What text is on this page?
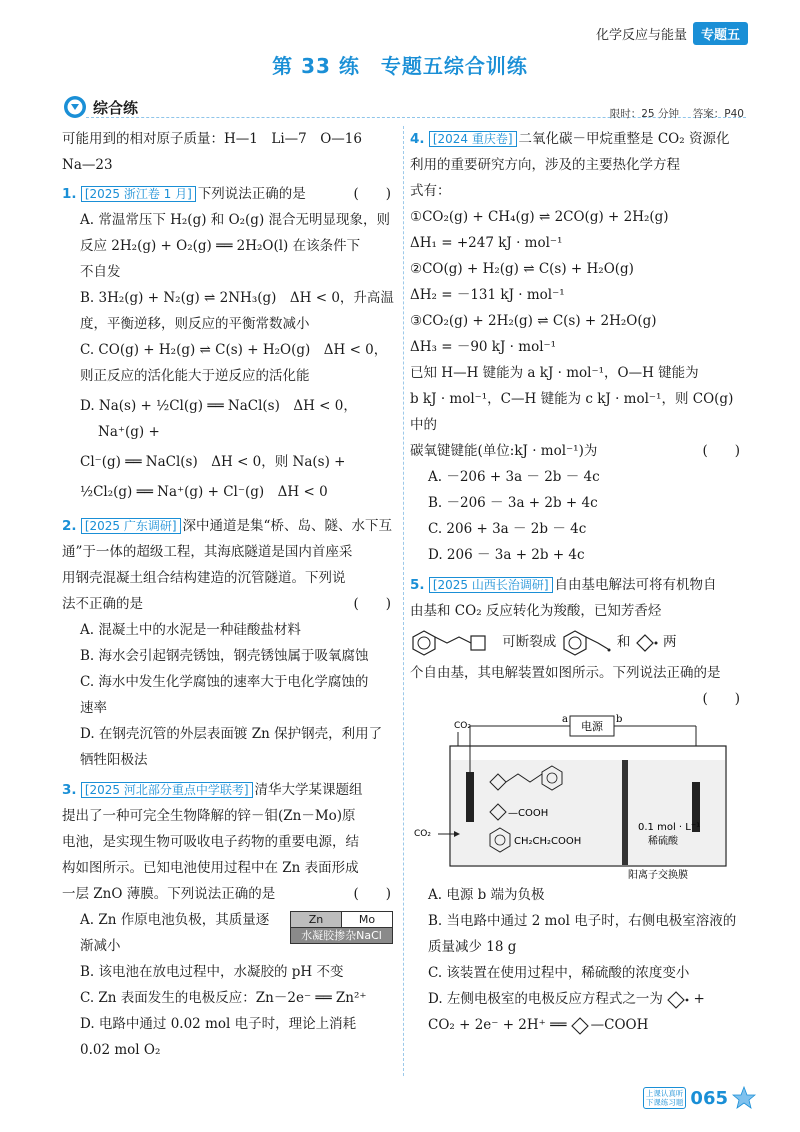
化学反应与能量	专题五
第 33 练　专题五综合训练
综合练	限时：25 分钟 　 答案：P40
可能用到的相对原子质量：H—1　Li—7　O—16
Na—23
1. [2025 浙江卷 1 月] 下列说法正确的是	(　　)
A. 常温常压下 H₂(g) 和 O₂(g) 混合无明显现象，则
反应 2H₂(g) + O₂(g) ══ 2H₂O(l) 在该条件下
不自发
B. 3H₂(g) + N₂(g) ⇌ 2NH₃(g)　ΔH < 0，升高温
度，平衡逆移，则反应的平衡常数减小
C. CO(g) + H₂(g) ⇌ C(s) + H₂O(g)　ΔH < 0，
则正反应的活化能大于逆反应的活化能
D. Na(s) + ½Cl(g) ══ NaCl(s)　ΔH < 0，Na⁺(g) +
Cl⁻(g) ══ NaCl(s)　ΔH < 0，则 Na(s) +
½Cl₂(g) ══ Na⁺(g) + Cl⁻(g)　ΔH < 0
2. [2025 广东调研] 深中通道是集“桥、岛、隧、水下互
通”于一体的超级工程，其海底隧道是国内首座采
用钢壳混凝土组合结构建造的沉管隧道。下列说
法不正确的是	(　　)
A. 混凝土中的水泥是一种硅酸盐材料
B. 海水会引起钢壳锈蚀，钢壳锈蚀属于吸氧腐蚀
C. 海水中发生化学腐蚀的速率大于电化学腐蚀的
速率
D. 在钢壳沉管的外层表面镀 Zn 保护钢壳，利用了
牺牲阳极法
3. [2025 河北部分重点中学联考] 清华大学某课题组
提出了一种可完全生物降解的锌－钼(Zn－Mo)原
电池，是实现生物可吸收电子药物的重要电源，结
构如图所示。已知电池使用过程中在 Zn 表面形成
一层 ZnO 薄膜。下列说法正确的是	(　　)
A. Zn 作原电池负极，其质量逐
渐减小
Zn	Mo
水凝胶掺杂NaCl
B. 该电池在放电过程中，水凝胶的 pH 不变
C. Zn 表面发生的电极反应：Zn－2e⁻ ══ Zn²⁺
D. 电路中通过 0.02 mol 电子时，理论上消耗
0.02 mol O₂
4. [2024 重庆卷] 二氧化碳－甲烷重整是 CO₂ 资源化
利用的重要研究方向，涉及的主要热化学方程
式有：
①CO₂(g) + CH₄(g) ⇌ 2CO(g) + 2H₂(g)
ΔH₁ = +247 kJ · mol⁻¹
②CO(g) + H₂(g) ⇌ C(s) + H₂O(g)
ΔH₂ = －131 kJ · mol⁻¹
③CO₂(g) + 2H₂(g) ⇌ C(s) + 2H₂O(g)
ΔH₃ = －90 kJ · mol⁻¹
已知 H—H 键能为 a kJ · mol⁻¹，O—H 键能为
b kJ · mol⁻¹，C—H 键能为 c kJ · mol⁻¹，则 CO(g) 中的
碳氧键键能(单位:kJ · mol⁻¹)为	(　　)
A. －206 + 3a － 2b － 4c
B. －206 － 3a + 2b + 4c
C. 206 + 3a － 2b － 4c
D. 206 － 3a + 2b + 4c
5. [2025 山西长治调研] 自由基电解法可将有机物自
由基和 CO₂ 反应转化为羧酸，已知芳香烃
可断裂成	和 两
个自由基，其电解装置如图所示。下列说法正确的是
(　　)
电源
a	b
CO₂
—COOH
CH₂CH₂COOH
CO₂
0.1 mol · L⁻¹
稀硫酸
阳离子交换膜
A. 电源 b 端为负极
B. 当电路中通过 2 mol 电子时，右侧电极室溶液的
质量减少 18 g
C. 该装置在使用过程中，稀硫酸的浓度变小
D. 左侧电极室的电极反应方程式之一为 +
CO₂ + 2e⁻ + 2H⁺ ══ —COOH
上课认真听
下课练习题 065
